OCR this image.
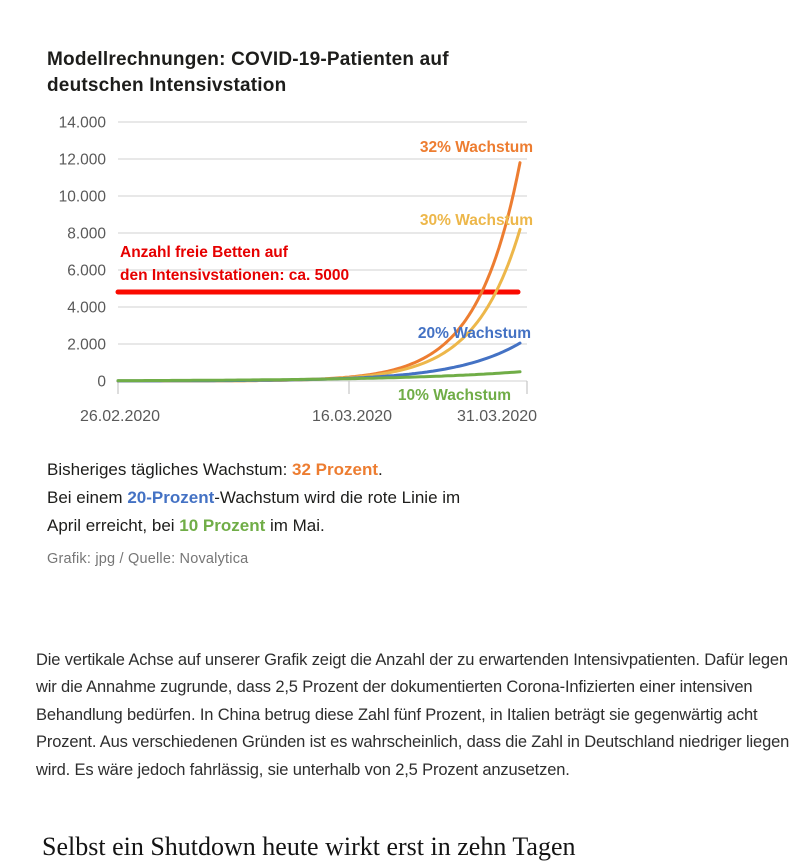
Modellrechnungen: COVID-19-Patienten auf
deutschen Intensivstation
0
2.000
4.000
6.000
8.000
10.000
12.000
14.000
26.02.2020	16.03.2020	31.03.2020
Anzahl freie Betten auf
den Intensivstationen: ca. 5000
32% Wachstum
30% Wachstum
20% Wachstum
10% Wachstum
Bisheriges tägliches Wachstum: 32 Prozent.
Bei einem 20-Prozent-Wachstum wird die rote Linie im
April erreicht, bei 10 Prozent im Mai.
Grafik: jpg / Quelle: Novalytica

Die vertikale Achse auf unserer Grafik zeigt die Anzahl der zu erwartenden Intensivpatienten. Dafür legen wir die Annahme zugrunde, dass 2,5 Prozent der dokumentierten Corona-Infizierten einer intensiven Behandlung bedürfen. In China betrug diese Zahl fünf Prozent, in Italien beträgt sie gegenwärtig acht Prozent. Aus verschiedenen Gründen ist es wahrscheinlich, dass die Zahl in Deutschland niedriger liegen wird. Es wäre jedoch fahrlässig, sie unterhalb von 2,5 Prozent anzusetzen.

Selbst ein Shutdown heute wirkt erst in zehn Tagen
